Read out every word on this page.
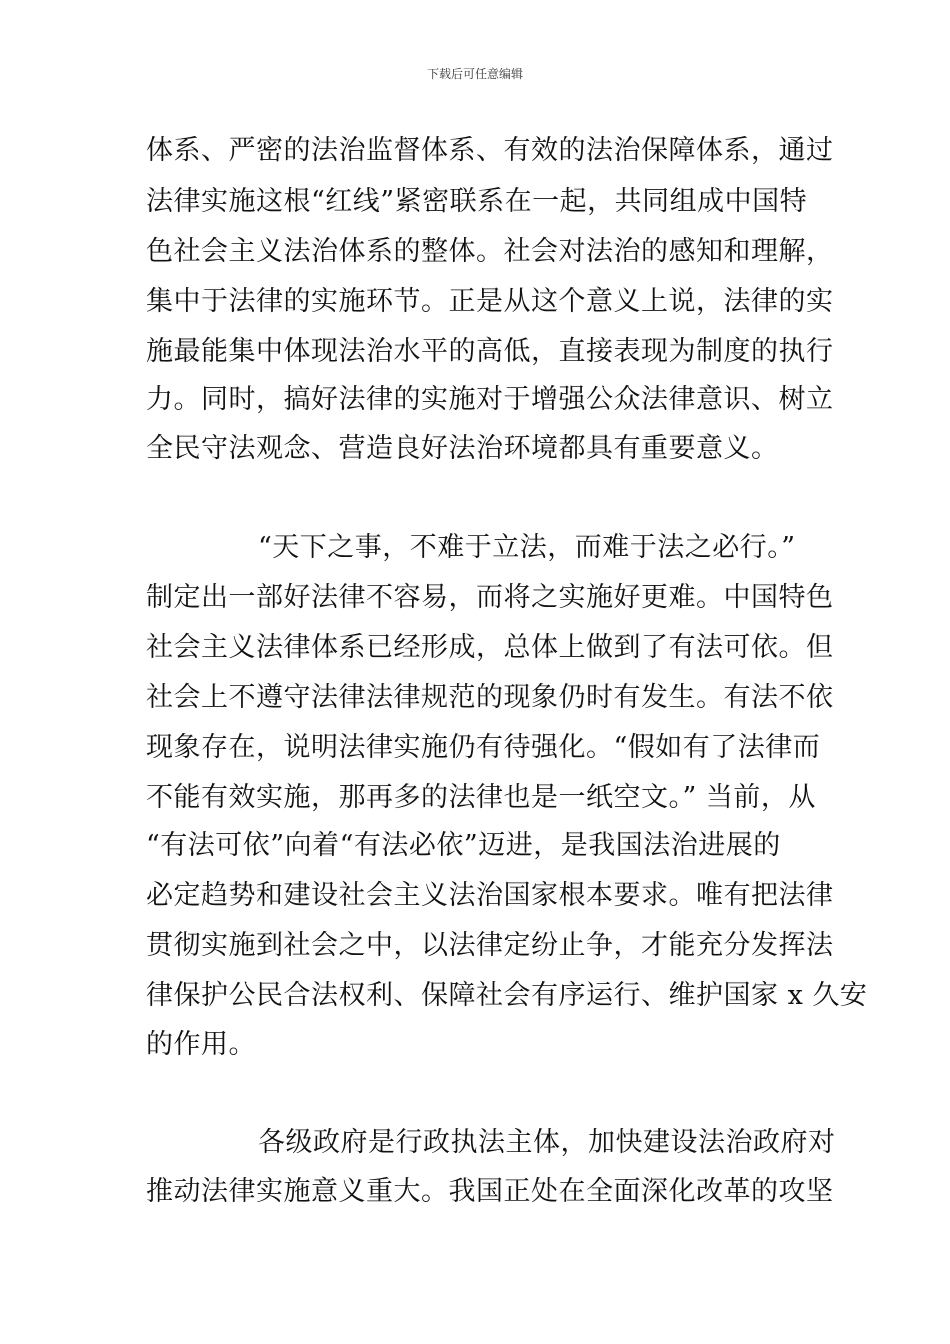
下载后可任意编辑
体系、严密的法治监督体系、有效的法治保障体系，通过
法律实施这根“红线”紧密联系在一起，共同组成中国特
色社会主义法治体系的整体。社会对法治的感知和理解，
集中于法律的实施环节。正是从这个意义上说，法律的实
施最能集中体现法治水平的高低，直接表现为制度的执行
力。同时，搞好法律的实施对于增强公众法律意识、树立
全民守法观念、营造良好法治环境都具有重要意义。
“天下之事，不难于立法，而难于法之必行。”
制定出一部好法律不容易，而将之实施好更难。中国特色
社会主义法律体系已经形成，总体上做到了有法可依。但
社会上不遵守法律法律规范的现象仍时有发生。有法不依
现象存在，说明法律实施仍有待强化。“假如有了法律而
不能有效实施，那再多的法律也是一纸空文。” 当前，从
“有法可依”向着“有法必依”迈进，是我国法治进展的
必定趋势和建设社会主义法治国家根本要求。唯有把法律
贯彻实施到社会之中，以法律定纷止争，才能充分发挥法
律保护公民合法权利、保障社会有序运行、维护国家 x 久安
的作用。
各级政府是行政执法主体，加快建设法治政府对
推动法律实施意义重大。我国正处在全面深化改革的攻坚
